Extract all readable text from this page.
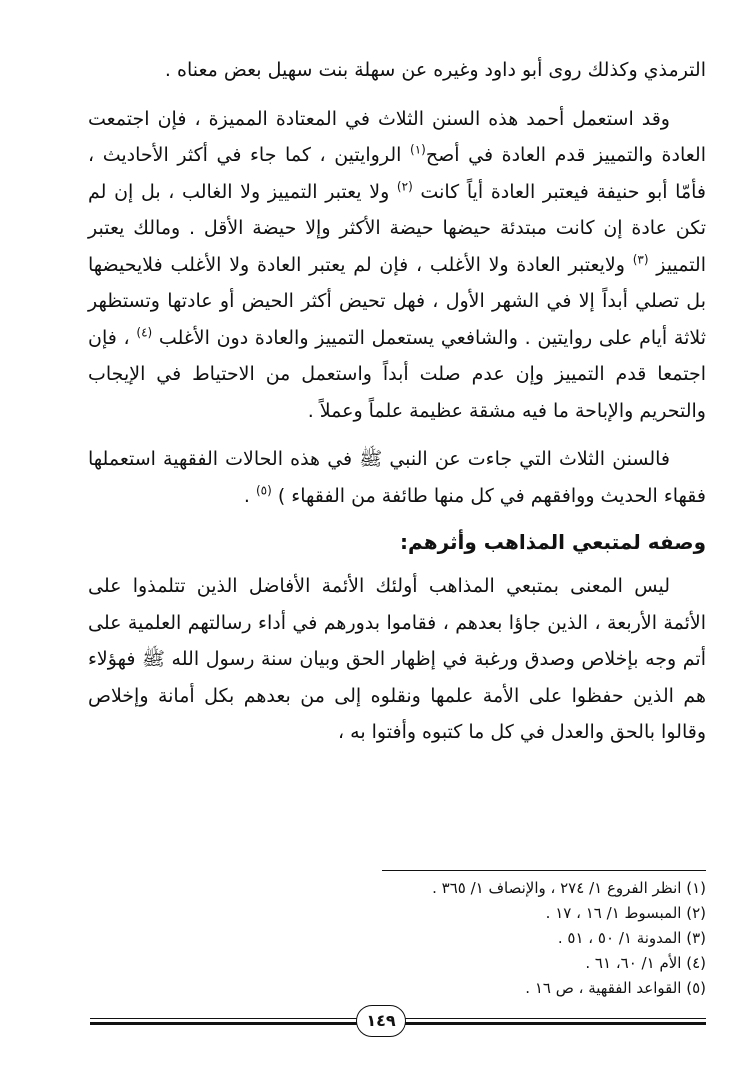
الترمذي وكذلك روى أبو داود وغيره عن سهلة بنت سهيل بعض معناه .

وقد استعمل أحمد هذه السنن الثلاث في المعتادة المميزة ، فإن اجتمعت العادة والتمييز قدم العادة في أصح$^{(١)}$ الروايتين ، كما جاء في أكثر الأحاديث ، فأمّا أبو حنيفة فيعتبر العادة أياً كانت $^{(٢)}$ ولا يعتبر التمييز ولا الغالب ، بل إن لم تكن عادة إن كانت مبتدئة حيضها حيضة الأكثر وإلا حيضة الأقل . ومالك يعتبر التمييز $^{(٣)}$ ولايعتبر العادة ولا الأغلب ، فإن لم يعتبر العادة ولا الأغلب فلايحيضها بل تصلي أبداً إلا في الشهر الأول ، فهل تحيض أكثر الحيض أو عادتها وتستظهر ثلاثة أيام على روايتين . والشافعي يستعمل التمييز والعادة دون الأغلب $^{(٤)}$ ، فإن اجتمعا قدم التمييز وإن عدم صلت أبداً واستعمل من الاحتياط في الإيجاب والتحريم والإباحة ما فيه مشقة عظيمة علماً وعملاً .

فالسنن الثلاث التي جاءت عن النبي ﷺ في هذه الحالات الفقهية استعملها فقهاء الحديث ووافقهم في كل منها طائفة من الفقهاء ) $^{(٥)}$ .

وصفه لمتبعي المذاهب وأثرهم:

ليس المعنى بمتبعي المذاهب أولئك الأئمة الأفاضل الذين تتلمذوا على الأئمة الأربعة ، الذين جاؤا بعدهم ، فقاموا بدورهم في أداء رسالتهم العلمية على أتم وجه بإخلاص وصدق ورغبة في إظهار الحق وبيان سنة رسول الله ﷺ فهؤلاء هم الذين حفظوا على الأمة علمها ونقلوه إلى من بعدهم بكل أمانة وإخلاص وقالوا بالحق والعدل في كل ما كتبوه وأفتوا به ،

(١) انظر الفروع ١/ ٢٧٤ ، والإنصاف ١/ ٣٦٥ .

(٢) المبسوط ١/ ١٦ ، ١٧ .

(٣) المدونة ١/ ٥٠ ، ٥١ .

(٤) الأم ١/ ٦٠، ٦١ .

(٥) القواعد الفقهية ، ص ١٦ .

١٤٩
